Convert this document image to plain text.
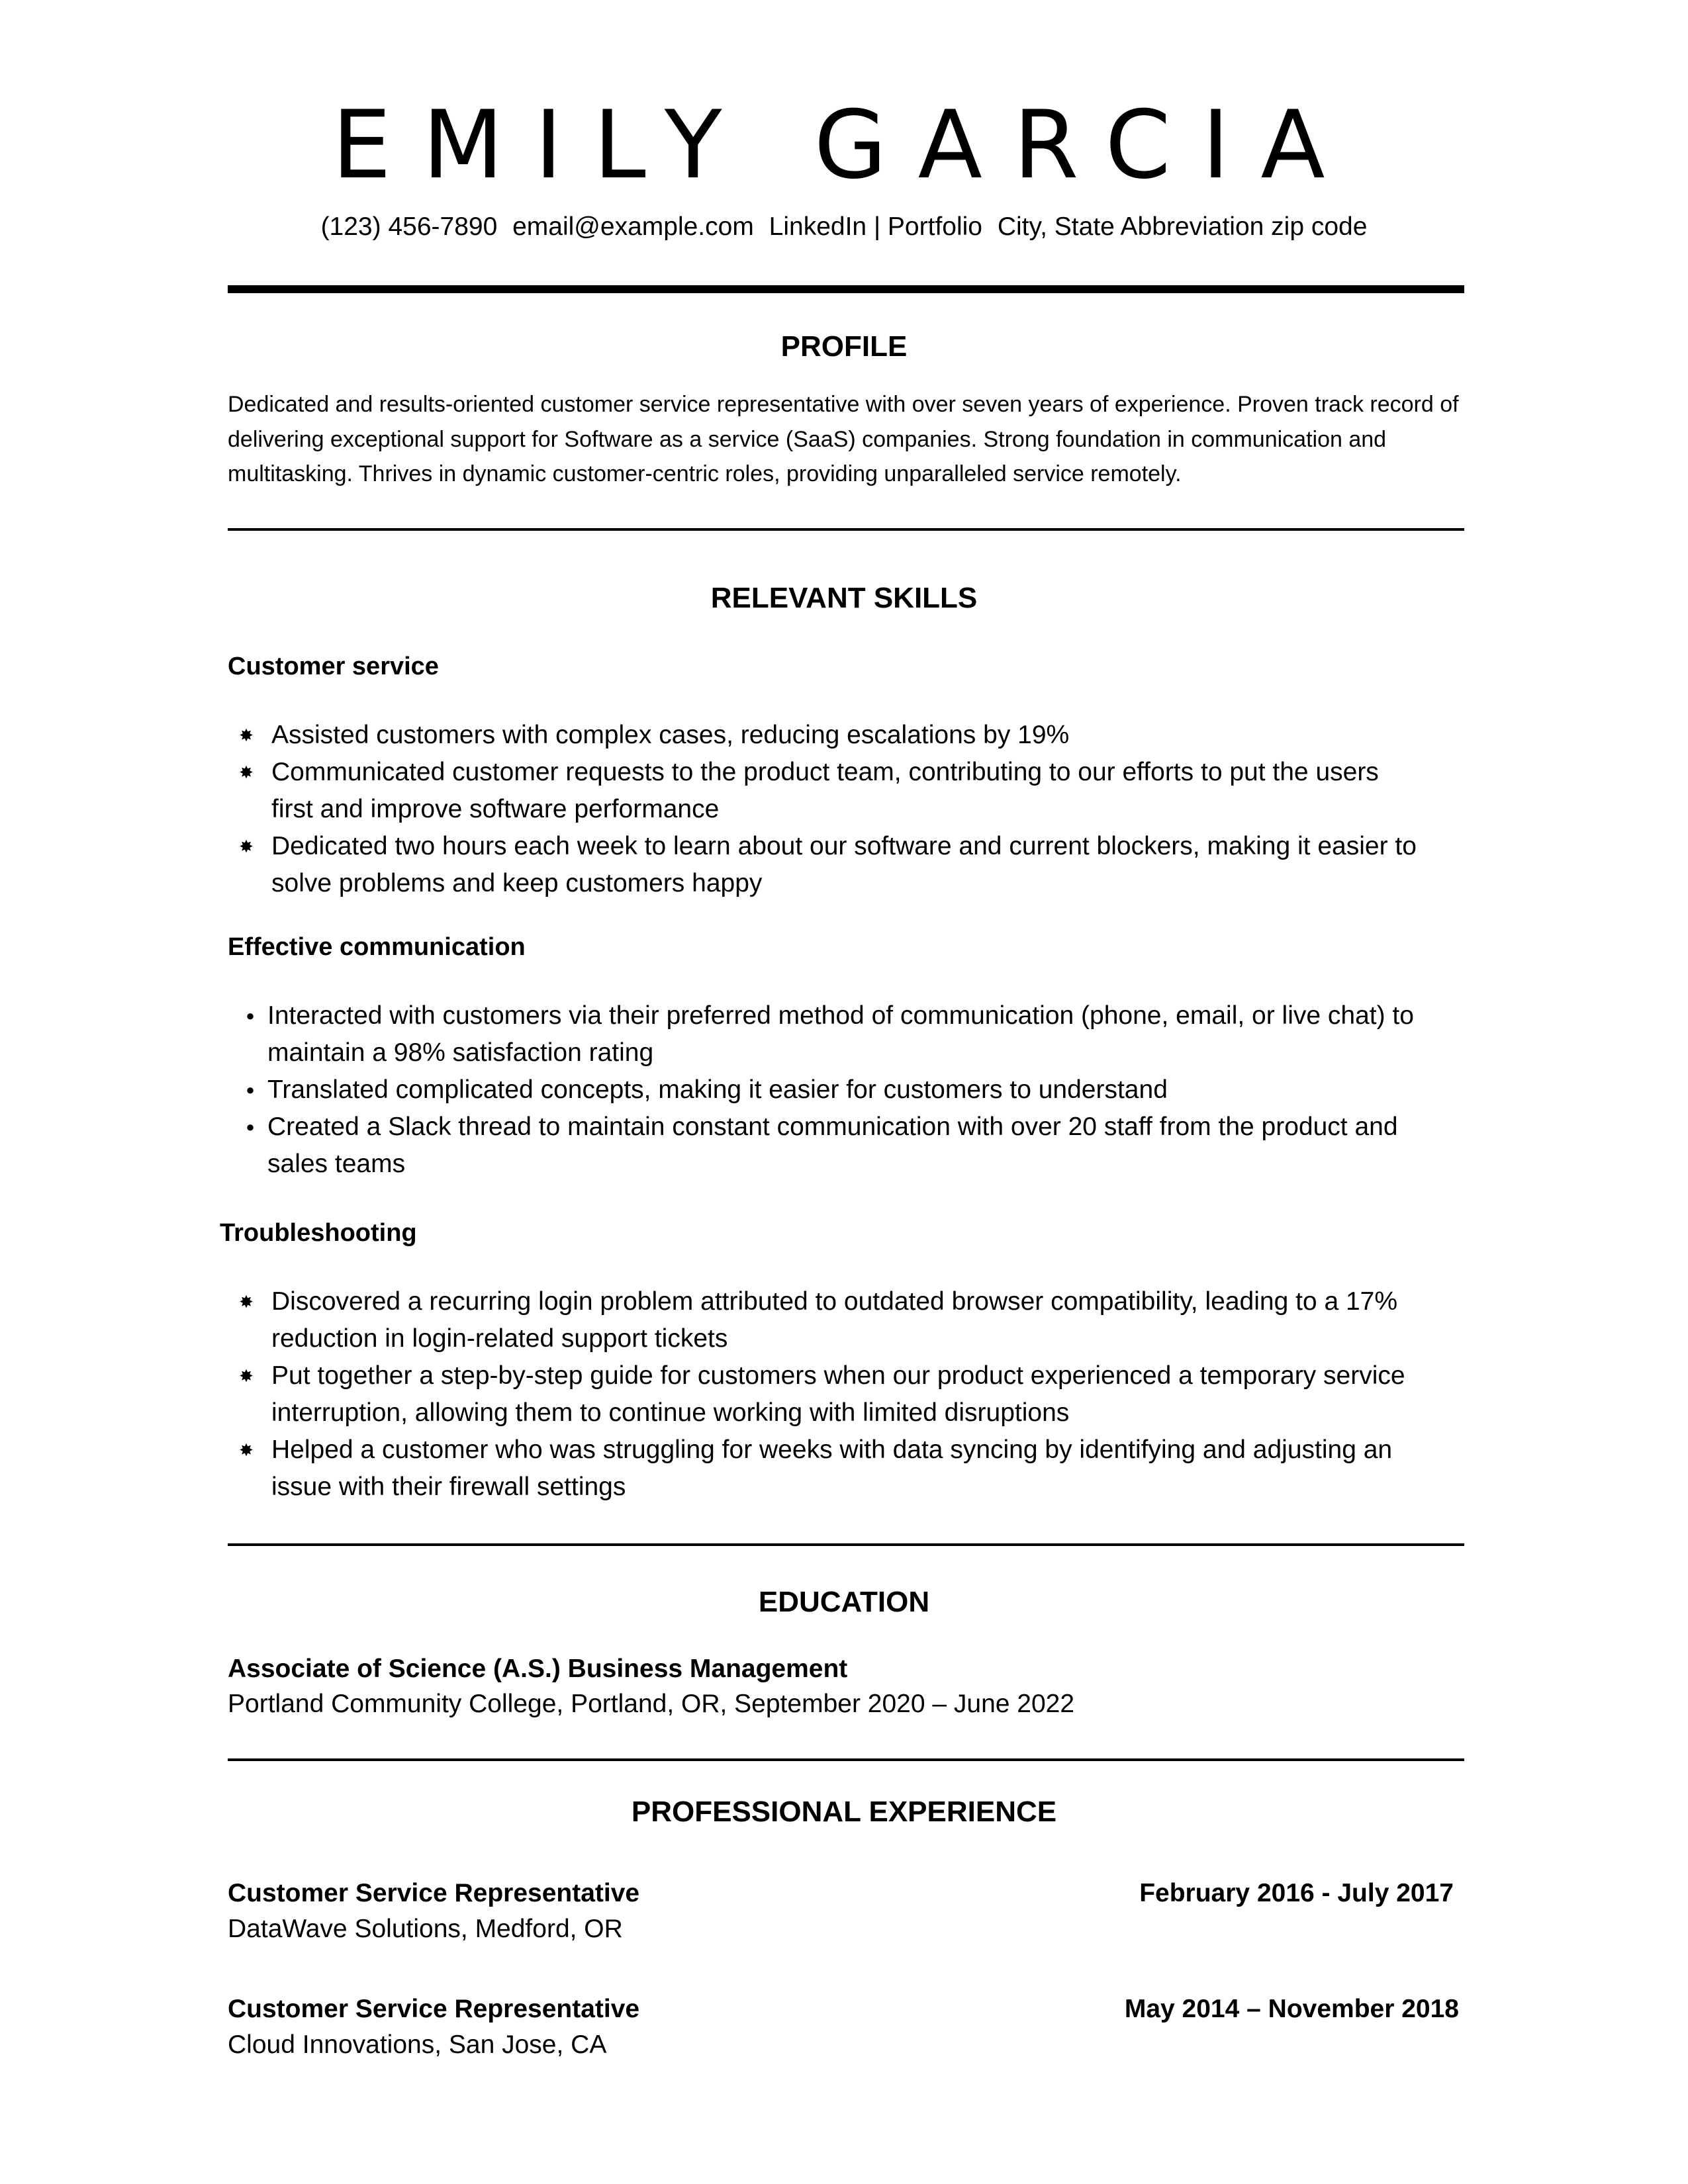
EMILY GARCIA
(123) 456-7890 email@example.com LinkedIn | Portfolio City, State Abbreviation zip code
PROFILE
Dedicated and results-oriented customer service representative with over seven years of experience. Proven track record of delivering exceptional support for Software as a service (SaaS) companies. Strong foundation in communication and multitasking. Thrives in dynamic customer-centric roles, providing unparalleled service remotely.
RELEVANT SKILLS
Customer service
✸ Assisted customers with complex cases, reducing escalations by 19%
✸ Communicated customer requests to the product team, contributing to our efforts to put the users first and improve software performance
✸ Dedicated two hours each week to learn about our software and current blockers, making it easier to solve problems and keep customers happy
Effective communication
● Interacted with customers via their preferred method of communication (phone, email, or live chat) to maintain a 98% satisfaction rating
● Translated complicated concepts, making it easier for customers to understand
● Created a Slack thread to maintain constant communication with over 20 staff from the product and sales teams
Troubleshooting
✸ Discovered a recurring login problem attributed to outdated browser compatibility, leading to a 17% reduction in login-related support tickets
✸ Put together a step-by-step guide for customers when our product experienced a temporary service interruption, allowing them to continue working with limited disruptions
✸ Helped a customer who was struggling for weeks with data syncing by identifying and adjusting an issue with their firewall settings
EDUCATION
Associate of Science (A.S.) Business Management
Portland Community College, Portland, OR, September 2020 – June 2022
PROFESSIONAL EXPERIENCE
Customer Service Representative	February 2016 - July 2017
DataWave Solutions, Medford, OR
Customer Service Representative	May 2014 – November 2018
Cloud Innovations, San Jose, CA
